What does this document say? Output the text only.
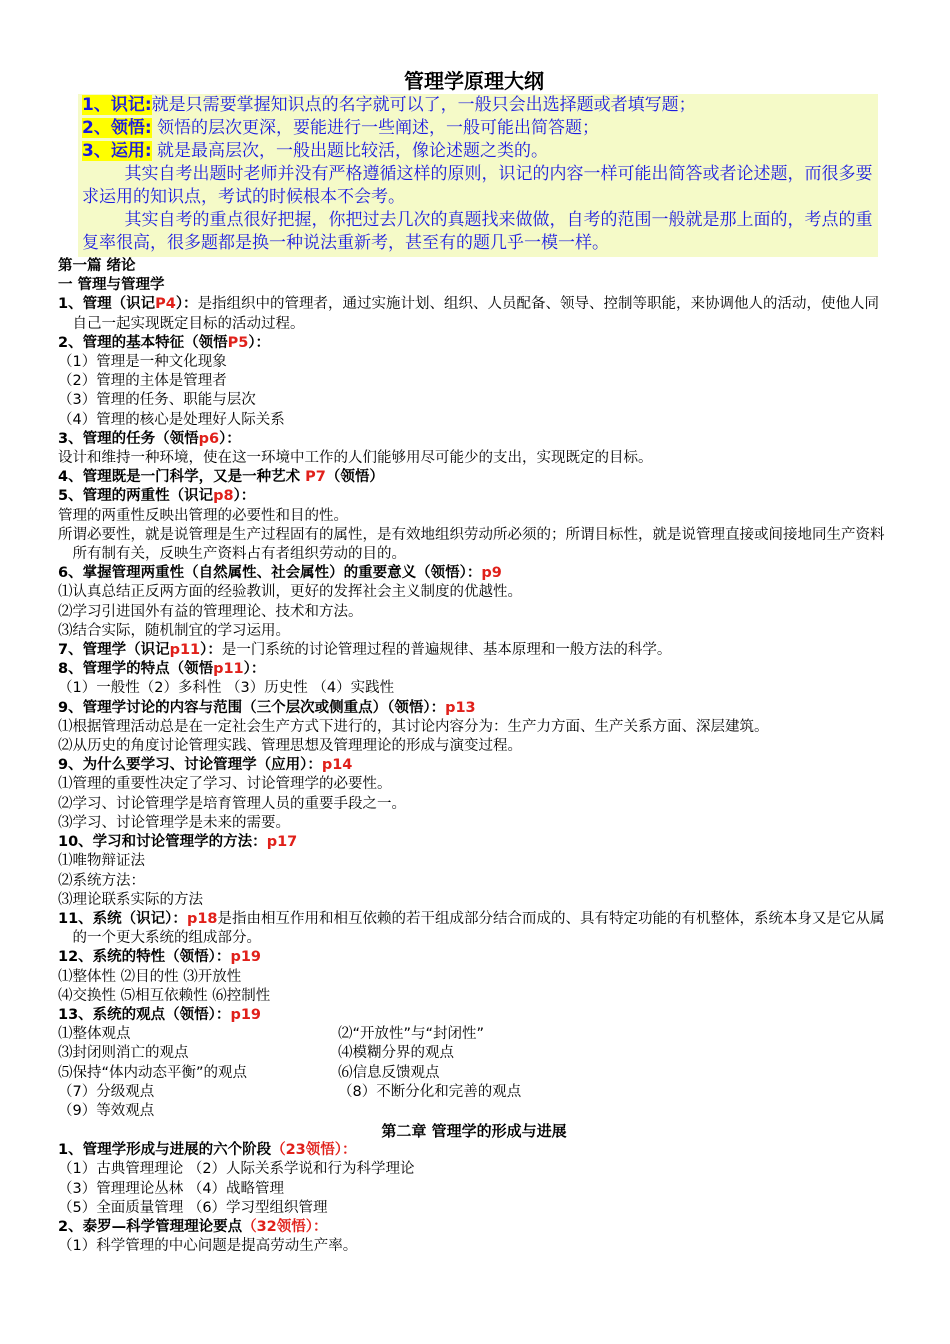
管理学原理大纲
1、识记:就是只需要掌握知识点的名字就可以了，一般只会出选择题或者填写题；
2、领悟: 领悟的层次更深，要能进行一些阐述，一般可能出简答题；
3、运用: 就是最高层次，一般出题比较活，像论述题之类的。
其实自考出题时老师并没有严格遵循这样的原则，识记的内容一样可能出简答或者论述题，而很多要求运用的知识点，考试的时候根本不会考。
其实自考的重点很好把握，你把过去几次的真题找来做做，自考的范围一般就是那上面的，考点的重复率很高，很多题都是换一种说法重新考，甚至有的题几乎一模一样。
第一篇 绪论
一 管理与管理学
1、管理（识记P4）：是指组织中的管理者，通过实施计划、组织、人员配备、领导、控制等职能，来协调他人的活动，使他人同自己一起实现既定目标的活动过程。
2、管理的基本特征（领悟P5）：
（1）管理是一种文化现象
（2）管理的主体是管理者
（3）管理的任务、职能与层次
（4）管理的核心是处理好人际关系
3、管理的任务（领悟p6）：
设计和维持一种环境，使在这一环境中工作的人们能够用尽可能少的支出，实现既定的目标。
4、管理既是一门科学，又是一种艺术 P7（领悟）
5、管理的两重性（识记p8）：
管理的两重性反映出管理的必要性和目的性。
所谓必要性，就是说管理是生产过程固有的属性，是有效地组织劳动所必须的；所谓目标性，就是说管理直接或间接地同生产资料所有制有关，反映生产资料占有者组织劳动的目的。
6、掌握管理两重性（自然属性、社会属性）的重要意义（领悟）：p9
⑴认真总结正反两方面的经验教训，更好的发挥社会主义制度的优越性。
⑵学习引进国外有益的管理理论、技术和方法。
⑶结合实际，随机制宜的学习运用。
7、管理学（识记p11）：是一门系统的讨论管理过程的普遍规律、基本原理和一般方法的科学。
8、管理学的特点（领悟p11）：
（1）一般性（2）多科性 （3）历史性 （4）实践性
9、管理学讨论的内容与范围（三个层次或侧重点）（领悟）：p13
⑴根据管理活动总是在一定社会生产方式下进行的，其讨论内容分为：生产力方面、生产关系方面、深层建筑。
⑵从历史的角度讨论管理实践、管理思想及管理理论的形成与演变过程。
9、为什么要学习、讨论管理学（应用）：p14
⑴管理的重要性决定了学习、讨论管理学的必要性。
⑵学习、讨论管理学是培育管理人员的重要手段之一。
⑶学习、讨论管理学是未来的需要。
10、学习和讨论管理学的方法：p17
⑴唯物辩证法
⑵系统方法：
⑶理论联系实际的方法
11、系统（识记）：p18是指由相互作用和相互依赖的若干组成部分结合而成的、具有特定功能的有机整体，系统本身又是它从属的一个更大系统的组成部分。
12、系统的特性（领悟）：p19
⑴整体性 ⑵目的性 ⑶开放性
⑷交换性 ⑸相互依赖性 ⑹控制性
13、系统的观点（领悟）：p19
⑴整体观点	⑵“开放性”与“封闭性”
⑶封闭则消亡的观点	⑷模糊分界的观点
⑸保持“体内动态平衡”的观点	⑹信息反馈观点
（7）分级观点	（8）不断分化和完善的观点
（9）等效观点
第二章 管理学的形成与进展
1、管理学形成与进展的六个阶段（23领悟）：
（1）古典管理理论 （2）人际关系学说和行为科学理论
（3）管理理论丛林 （4）战略管理
（5）全面质量管理 （6）学习型组织管理
2、泰罗—科学管理理论要点（32领悟）：
（1）科学管理的中心问题是提高劳动生产率。
